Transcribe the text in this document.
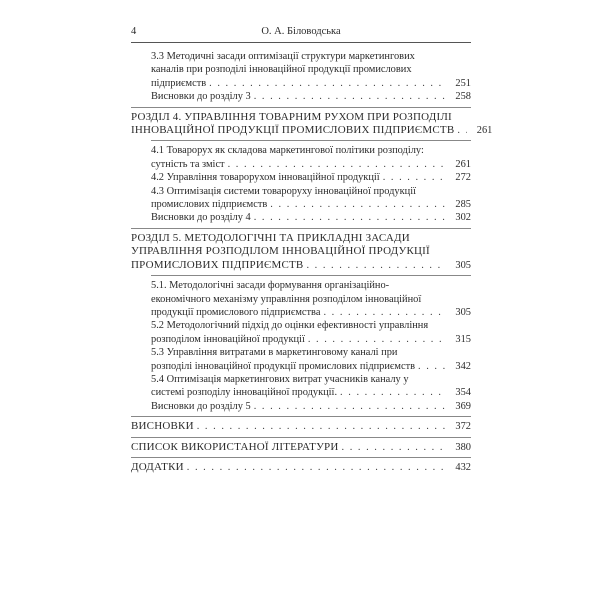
4	О. А. Біловодська
3.3 Методичні засади оптимізації структури маркетингових
каналів при розподілі інноваційної продукції промислових
підприємств . . .	251
Висновки до розділу 3 . . .	258
РОЗДІЛ 4. УПРАВЛІННЯ ТОВАРНИМ РУХОМ ПРИ РОЗПОДІЛІ
ІННОВАЦІЙНОЇ ПРОДУКЦІЇ ПРОМИСЛОВИХ ПІДПРИЄМСТВ . . .	261
4.1 Товарорух як складова маркетингової політики розподілу:
сутність та зміст . . .	261
4.2 Управління товарорухом інноваційної продукції . . .	272
4.3 Оптимізація системи товароруху інноваційної продукції
промислових підприємств . . .	285
Висновки до розділу 4 . . .	302
РОЗДІЛ 5. МЕТОДОЛОГІЧНІ ТА ПРИКЛАДНІ ЗАСАДИ
УПРАВЛІННЯ РОЗПОДІЛОМ ІННОВАЦІЙНОЇ ПРОДУКЦІЇ
ПРОМИСЛОВИХ ПІДПРИЄМСТВ . . .	305
5.1. Методологічні засади формування організаційно-
економічного механізму управління розподілом інноваційної
продукції промислового підприємства . . .	305
5.2 Методологічний підхід до оцінки ефективності управління
розподілом інноваційної продукції . . .	315
5.3 Управління витратами в маркетинговому каналі при
розподілі інноваційної продукції промислових підприємств . . .	342
5.4 Оптимізація маркетингових витрат учасників каналу у
системі розподілу інноваційної продукції. . . .	354
Висновки до розділу 5 . . .	369
ВИСНОВКИ . . .	372
СПИСОК ВИКОРИСТАНОЇ ЛІТЕРАТУРИ . . .	380
ДОДАТКИ . . .	432
